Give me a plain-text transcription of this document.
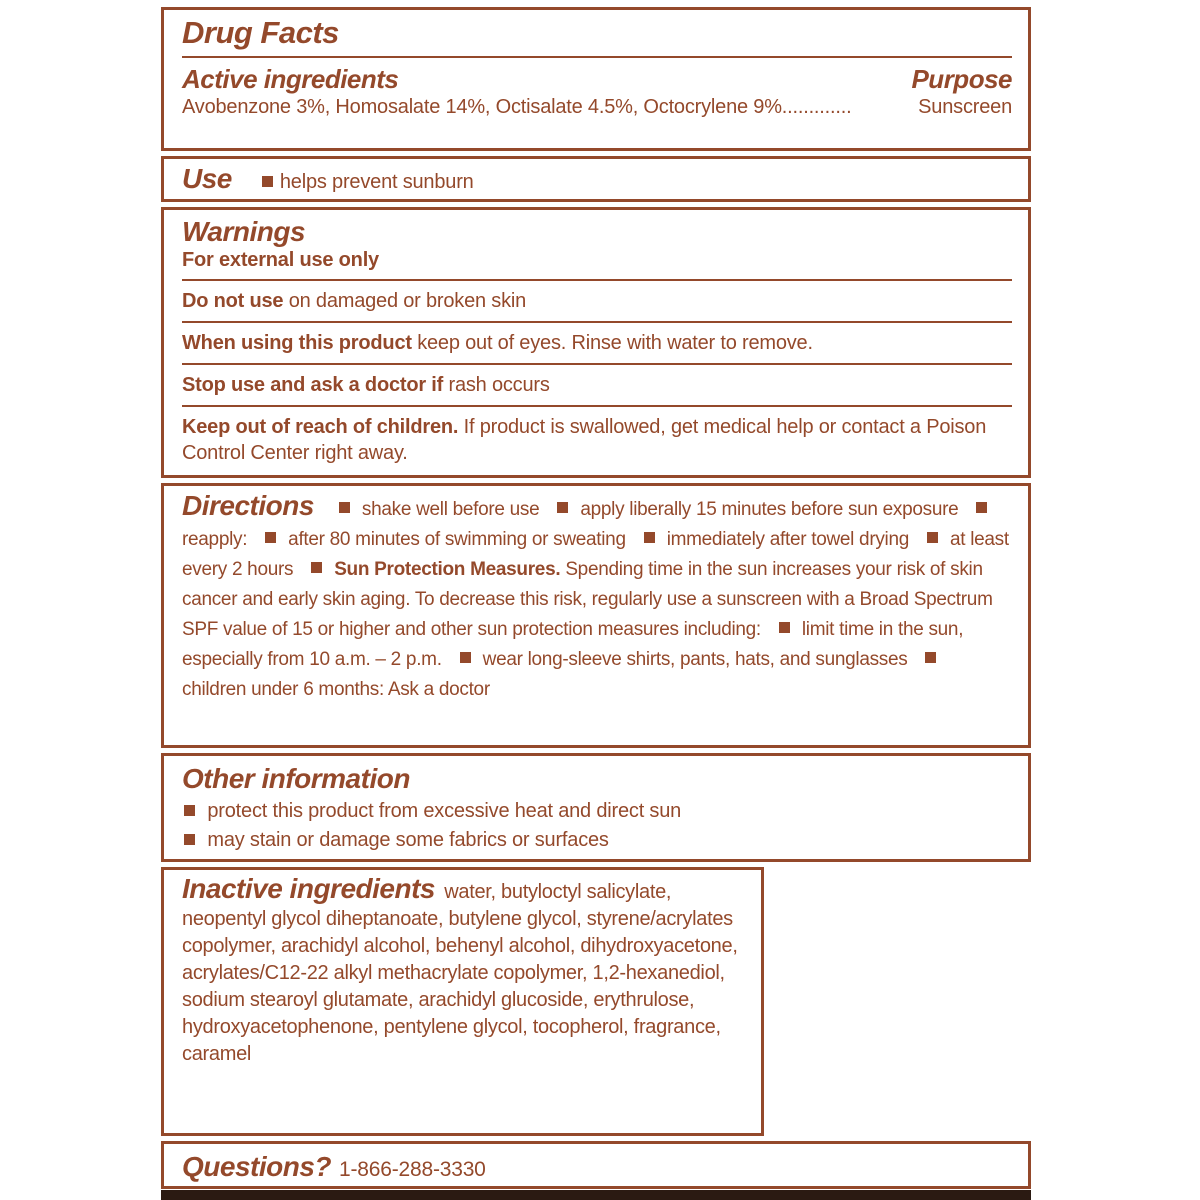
Drug Facts
Active ingredients	Purpose
Avobenzone 3%, Homosalate 14%, Octisalate 4.5%, Octocrylene 9% .............	Sunscreen
Use helps prevent sunburn
Warnings
For external use only
Do not use on damaged or broken skin
When using this product keep out of eyes. Rinse with water to remove.
Stop use and ask a doctor if rash occurs
Keep out of reach of children. If product is swallowed, get medical help or contact a Poison Control Center right away.

Directions	shake well before use apply liberally 15 minutes before sun exposure  reapply: after 80 minutes of swimming or sweating immediately after towel drying at least every 2 hours Sun Protection Measures. Spending time in the sun increases your risk of skin cancer and early skin aging. To decrease this risk, regularly use a sunscreen with a Broad Spectrum SPF value of 15 or higher and other sun protection measures including: limit time in the sun, especially from 10 a.m. – 2 p.m. wear long-sleeve shirts, pants, hats, and sunglasses  children under 6 months: Ask a doctor

Other information
protect this product from excessive heat and direct sun
may stain or damage some fabrics or surfaces

Inactive ingredients water, butyloctyl salicylate, neopentyl glycol diheptanoate, butylene glycol, styrene/acrylates copolymer, arachidyl alcohol, behenyl alcohol, dihydroxyacetone, acrylates/C12-22 alkyl methacrylate copolymer, 1,2-hexanediol, sodium stearoyl glutamate, arachidyl glucoside, erythrulose, hydroxyacetophenone, pentylene glycol, tocopherol, fragrance, caramel

Questions? 1-866-288-3330
